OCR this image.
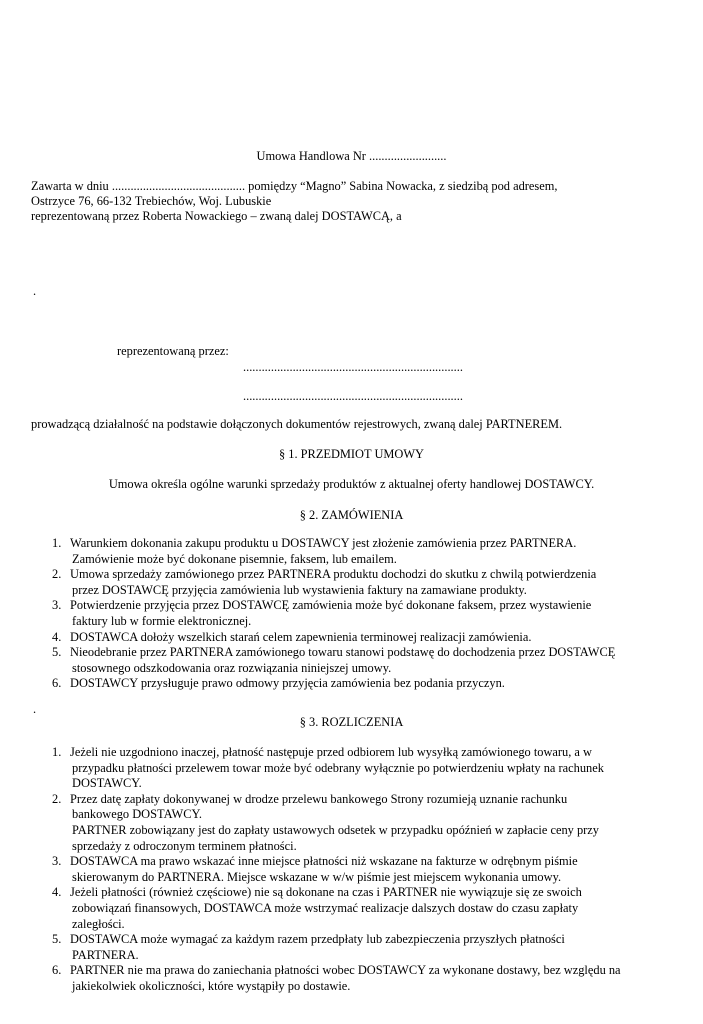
Umowa Handlowa Nr .........................
Zawarta w dniu ........................................... pomiędzy “Magno” Sabina Nowacka, z siedzibą pod adresem,
Ostrzyce 76, 66-132 Trebiechów, Woj. Lubuskie
reprezentowaną przez Roberta Nowackiego – zwaną dalej DOSTAWCĄ, a
.
reprezentowaną przez:
.......................................................................
.......................................................................
prowadzącą działalność na podstawie dołączonych dokumentów rejestrowych, zwaną dalej PARTNEREM.
§ 1. PRZEDMIOT UMOWY
Umowa określa ogólne warunki sprzedaży produktów z aktualnej oferty handlowej DOSTAWCY.
§ 2. ZAMÓWIENIA
1. Warunkiem dokonania zakupu produktu u DOSTAWCY jest złożenie zamówienia przez PARTNERA.
Zamówienie może być dokonane pisemnie, faksem, lub emailem.
2. Umowa sprzedaży zamówionego przez PARTNERA produktu dochodzi do skutku z chwilą potwierdzenia
przez DOSTAWCĘ przyjęcia zamówienia lub wystawienia faktury na zamawiane produkty.
3. Potwierdzenie przyjęcia przez DOSTAWCĘ zamówienia może być dokonane faksem, przez wystawienie
faktury lub w formie elektronicznej.
4. DOSTAWCA dołoży wszelkich starań celem zapewnienia terminowej realizacji zamówienia.
5. Nieodebranie przez PARTNERA zamówionego towaru stanowi podstawę do dochodzenia przez DOSTAWCĘ
stosownego odszkodowania oraz rozwiązania niniejszej umowy.
6. DOSTAWCY przysługuje prawo odmowy przyjęcia zamówienia bez podania przyczyn.
.
§ 3. ROZLICZENIA
1. Jeżeli nie uzgodniono inaczej, płatność następuje przed odbiorem lub wysyłką zamówionego towaru, a w
przypadku płatności przelewem towar może być odebrany wyłącznie po potwierdzeniu wpłaty na rachunek
DOSTAWCY.
2. Przez datę zapłaty dokonywanej w drodze przelewu bankowego Strony rozumieją uznanie rachunku
bankowego DOSTAWCY.
PARTNER zobowiązany jest do zapłaty ustawowych odsetek w przypadku opóźnień w zapłacie ceny przy
sprzedaży z odroczonym terminem płatności.
3. DOSTAWCA ma prawo wskazać inne miejsce płatności niż wskazane na fakturze w odrębnym piśmie
skierowanym do PARTNERA. Miejsce wskazane w w/w piśmie jest miejscem wykonania umowy.
4. Jeżeli płatności (również częściowe) nie są dokonane na czas i PARTNER nie wywiązuje się ze swoich
zobowiązań finansowych, DOSTAWCA może wstrzymać realizacje dalszych dostaw do czasu zapłaty
zaległości.
5. DOSTAWCA może wymagać za każdym razem przedpłaty lub zabezpieczenia przyszłych płatności
PARTNERA.
6. PARTNER nie ma prawa do zaniechania płatności wobec DOSTAWCY za wykonane dostawy, bez względu na
jakiekolwiek okoliczności, które wystąpiły po dostawie.
